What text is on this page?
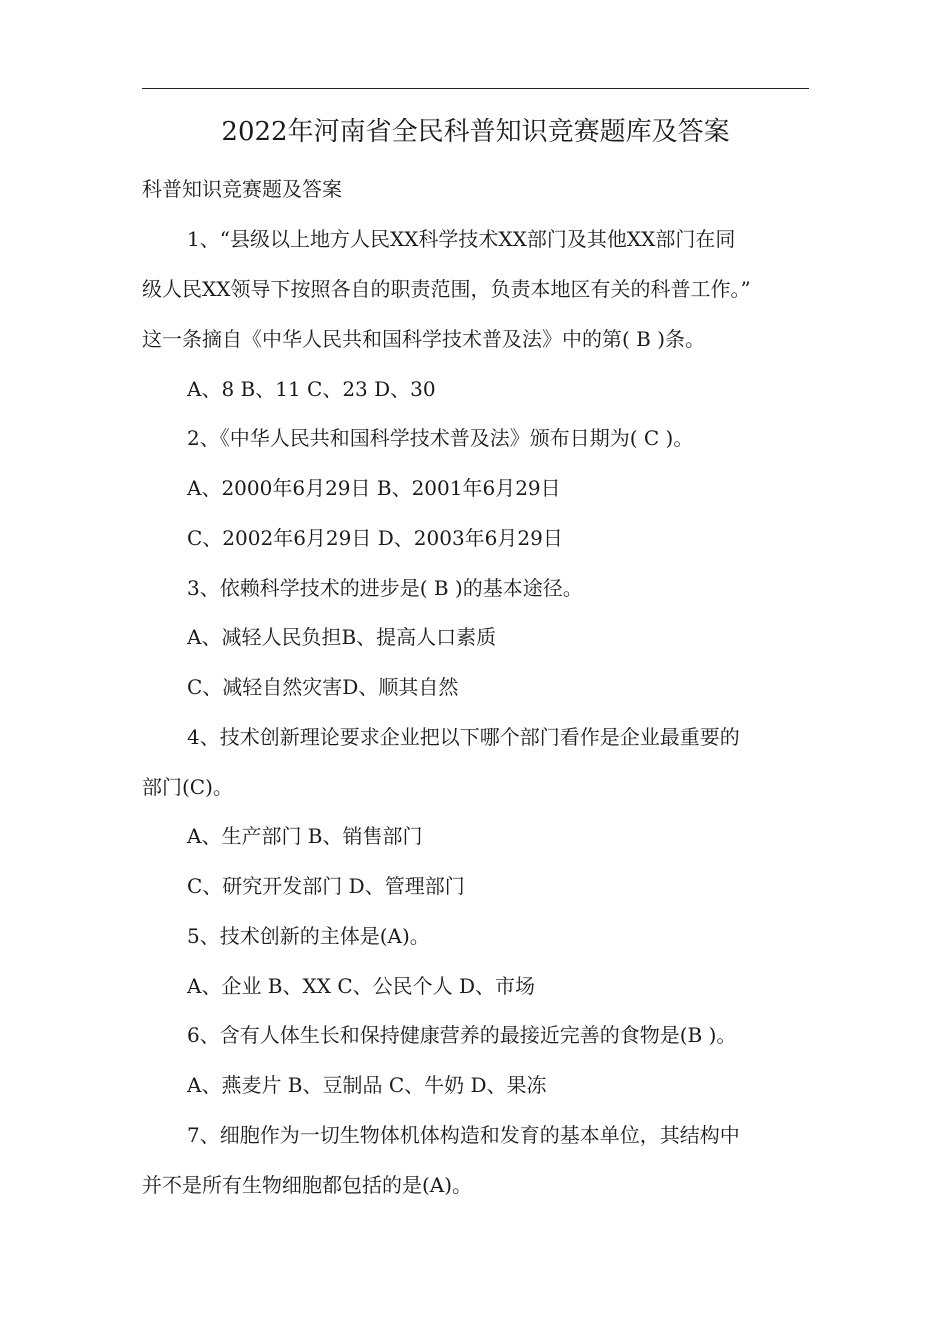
2022年河南省全民科普知识竞赛题库及答案
科普知识竞赛题及答案
1、“县级以上地方人民XX科学技术XX部门及其他XX部门在同
级人民XX领导下按照各自的职责范围，负责本地区有关的科普工作。”
这一条摘自《中华人民共和国科学技术普及法》中的第( B )条。
A、8 B、11 C、23 D、30
2、《中华人民共和国科学技术普及法》颁布日期为( C )。
A、2000年6月29日 B、2001年6月29日
C、2002年6月29日 D、2003年6月29日
3、依赖科学技术的进步是( B )的基本途径。
A、减轻人民负担B、提高人口素质
C、减轻自然灾害D、顺其自然
4、技术创新理论要求企业把以下哪个部门看作是企业最重要的
部门(C)。
A、生产部门 B、销售部门
C、研究开发部门 D、管理部门
5、技术创新的主体是(A)。
A、企业 B、XX C、公民个人 D、市场
6、含有人体生长和保持健康营养的最接近完善的食物是(B )。
A、燕麦片 B、豆制品 C、牛奶 D、果冻
7、细胞作为一切生物体机体构造和发育的基本单位，其结构中
并不是所有生物细胞都包括的是(A)。
